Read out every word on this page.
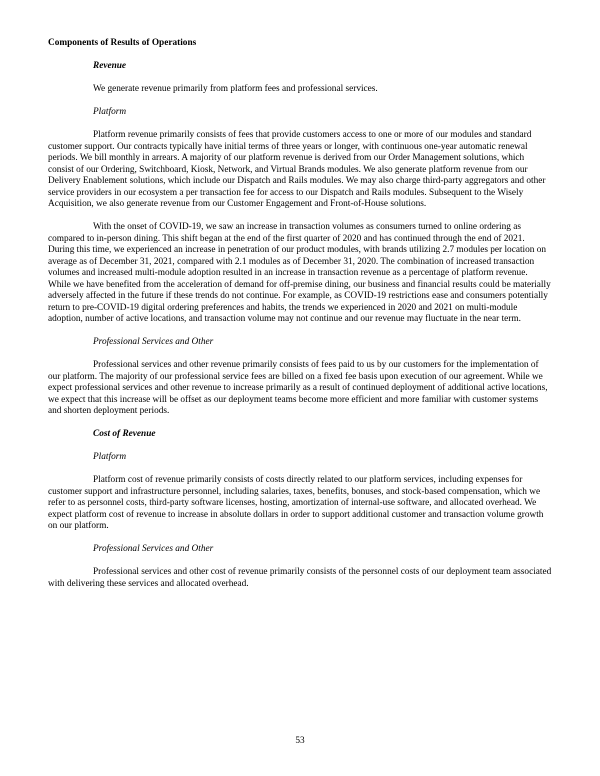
Components of Results of Operations
Revenue
We generate revenue primarily from platform fees and professional services.
Platform
Platform revenue primarily consists of fees that provide customers access to one or more of our modules and standard customer support. Our contracts typically have initial terms of three years or longer, with continuous one-year automatic renewal periods. We bill monthly in arrears. A majority of our platform revenue is derived from our Order Management solutions, which consist of our Ordering, Switchboard, Kiosk, Network, and Virtual Brands modules. We also generate platform revenue from our Delivery Enablement solutions, which include our Dispatch and Rails modules. We may also charge third-party aggregators and other service providers in our ecosystem a per transaction fee for access to our Dispatch and Rails modules. Subsequent to the Wisely Acquisition, we also generate revenue from our Customer Engagement and Front-of-House solutions.
With the onset of COVID-19, we saw an increase in transaction volumes as consumers turned to online ordering as compared to in-person dining. This shift began at the end of the first quarter of 2020 and has continued through the end of 2021. During this time, we experienced an increase in penetration of our product modules, with brands utilizing 2.7 modules per location on average as of December 31, 2021, compared with 2.1 modules as of December 31, 2020. The combination of increased transaction volumes and increased multi-module adoption resulted in an increase in transaction revenue as a percentage of platform revenue. While we have benefited from the acceleration of demand for off-premise dining, our business and financial results could be materially adversely affected in the future if these trends do not continue. For example, as COVID-19 restrictions ease and consumers potentially return to pre-COVID-19 digital ordering preferences and habits, the trends we experienced in 2020 and 2021 on multi-module adoption, number of active locations, and transaction volume may not continue and our revenue may fluctuate in the near term.
Professional Services and Other
Professional services and other revenue primarily consists of fees paid to us by our customers for the implementation of our platform. The majority of our professional service fees are billed on a fixed fee basis upon execution of our agreement. While we expect professional services and other revenue to increase primarily as a result of continued deployment of additional active locations, we expect that this increase will be offset as our deployment teams become more efficient and more familiar with customer systems and shorten deployment periods.
Cost of Revenue
Platform
Platform cost of revenue primarily consists of costs directly related to our platform services, including expenses for customer support and infrastructure personnel, including salaries, taxes, benefits, bonuses, and stock-based compensation, which we refer to as personnel costs, third-party software licenses, hosting, amortization of internal-use software, and allocated overhead. We expect platform cost of revenue to increase in absolute dollars in order to support additional customer and transaction volume growth on our platform.
Professional Services and Other
Professional services and other cost of revenue primarily consists of the personnel costs of our deployment team associated with delivering these services and allocated overhead.
53
